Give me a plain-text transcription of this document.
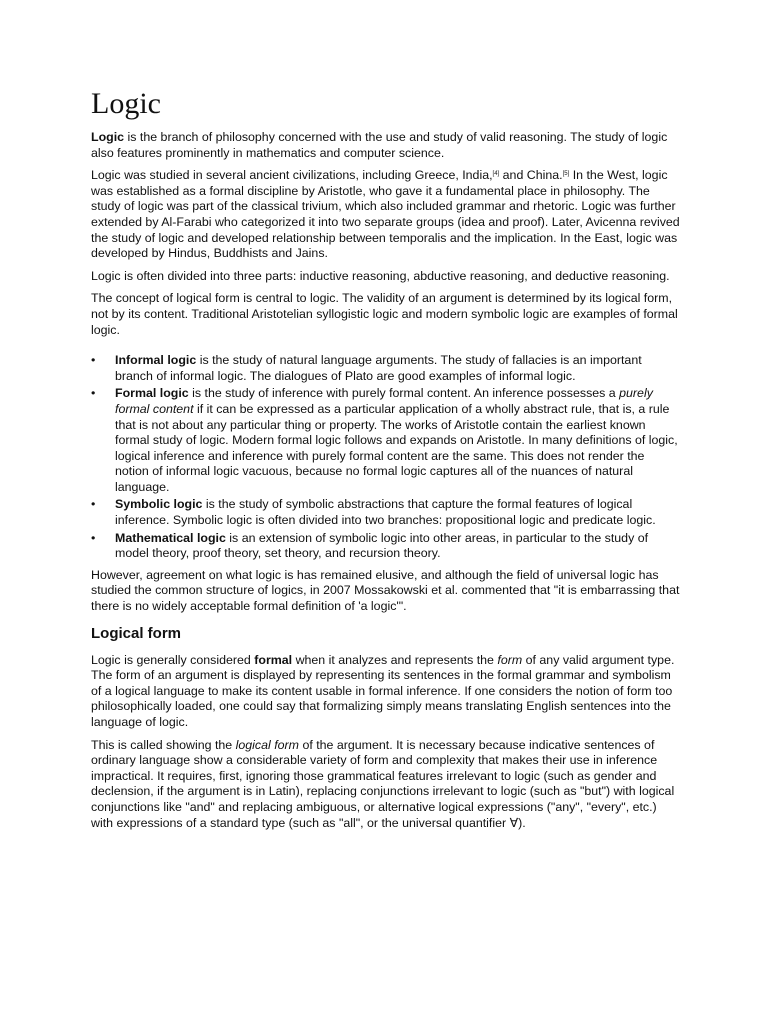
Logic

Logic is the branch of philosophy concerned with the use and study of valid reasoning. The study of logic also features prominently in mathematics and computer science.

Logic was studied in several ancient civilizations, including Greece, India,[4] and China.[5] In the West, logic was established as a formal discipline by Aristotle, who gave it a fundamental place in philosophy. The study of logic was part of the classical trivium, which also included grammar and rhetoric. Logic was further extended by Al-Farabi who categorized it into two separate groups (idea and proof). Later, Avicenna revived the study of logic and developed relationship between temporalis and the implication. In the East, logic was developed by Hindus, Buddhists and Jains.

Logic is often divided into three parts: inductive reasoning, abductive reasoning, and deductive reasoning.

The concept of logical form is central to logic. The validity of an argument is determined by its logical form, not by its content. Traditional Aristotelian syllogistic logic and modern symbolic logic are examples of formal logic.

• Informal logic is the study of natural language arguments. The study of fallacies is an important branch of informal logic. The dialogues of Plato are good examples of informal logic.
• Formal logic is the study of inference with purely formal content. An inference possesses a purely formal content if it can be expressed as a particular application of a wholly abstract rule, that is, a rule that is not about any particular thing or property. The works of Aristotle contain the earliest known formal study of logic. Modern formal logic follows and expands on Aristotle. In many definitions of logic, logical inference and inference with purely formal content are the same. This does not render the notion of informal logic vacuous, because no formal logic captures all of the nuances of natural language.
• Symbolic logic is the study of symbolic abstractions that capture the formal features of logical inference. Symbolic logic is often divided into two branches: propositional logic and predicate logic.
• Mathematical logic is an extension of symbolic logic into other areas, in particular to the study of model theory, proof theory, set theory, and recursion theory.

However, agreement on what logic is has remained elusive, and although the field of universal logic has studied the common structure of logics, in 2007 Mossakowski et al. commented that "it is embarrassing that there is no widely acceptable formal definition of 'a logic'".

Logical form

Logic is generally considered formal when it analyzes and represents the form of any valid argument type. The form of an argument is displayed by representing its sentences in the formal grammar and symbolism of a logical language to make its content usable in formal inference. If one considers the notion of form too philosophically loaded, one could say that formalizing simply means translating English sentences into the language of logic.

This is called showing the logical form of the argument. It is necessary because indicative sentences of ordinary language show a considerable variety of form and complexity that makes their use in inference impractical. It requires, first, ignoring those grammatical features irrelevant to logic (such as gender and declension, if the argument is in Latin), replacing conjunctions irrelevant to logic (such as "but") with logical conjunctions like "and" and replacing ambiguous, or alternative logical expressions ("any", "every", etc.) with expressions of a standard type (such as "all", or the universal quantifier ∀).
